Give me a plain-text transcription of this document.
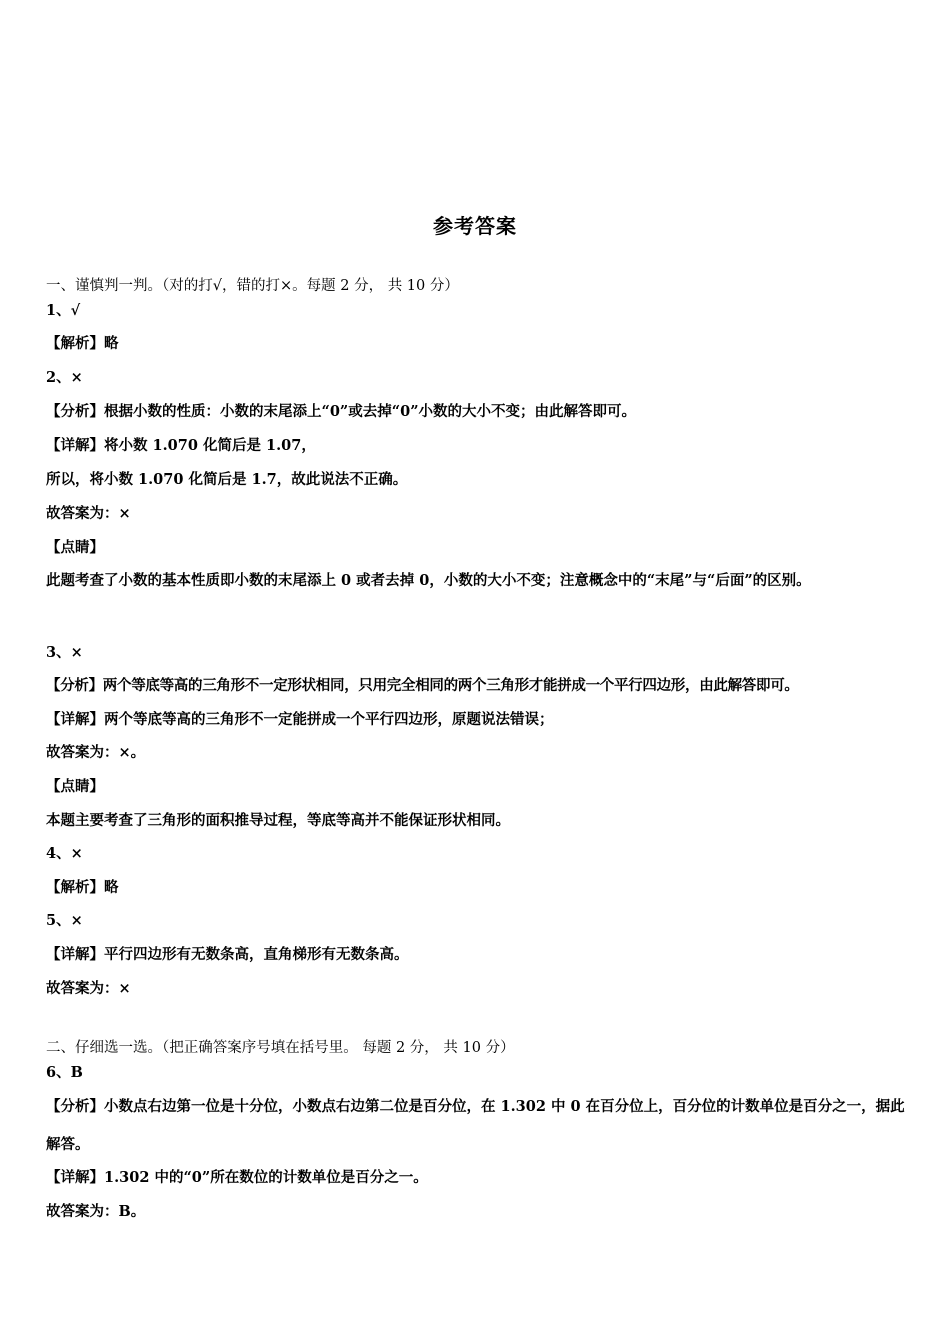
参考答案
一、谨慎判一判。（对的打√，错的打×。每题 2 分， 共 10 分）
1、√
【解析】略
2、×
【分析】根据小数的性质：小数的末尾添上“0”或去掉“0”小数的大小不变；由此解答即可。
【详解】将小数 1.070 化简后是 1.07，
所以，将小数 1.070 化简后是 1.7，故此说法不正确。
故答案为：×
【点睛】
此题考查了小数的基本性质即小数的末尾添上 0 或者去掉 0，小数的大小不变；注意概念中的“末尾”与“后面”的区别。
3、×
【分析】两个等底等高的三角形不一定形状相同，只用完全相同的两个三角形才能拼成一个平行四边形，由此解答即可。
【详解】两个等底等高的三角形不一定能拼成一个平行四边形，原题说法错误；
故答案为：×。
【点睛】
本题主要考查了三角形的面积推导过程，等底等高并不能保证形状相同。
4、×
【解析】略
5、×
【详解】平行四边形有无数条高，直角梯形有无数条高。
故答案为：×
二、仔细选一选。（把正确答案序号填在括号里。 每题 2 分， 共 10 分）
6、B
【分析】小数点右边第一位是十分位，小数点右边第二位是百分位，在 1.302 中 0 在百分位上，百分位的计数单位是百分之一，据此解答。
【详解】1.302 中的“0”所在数位的计数单位是百分之一。
故答案为：B。
